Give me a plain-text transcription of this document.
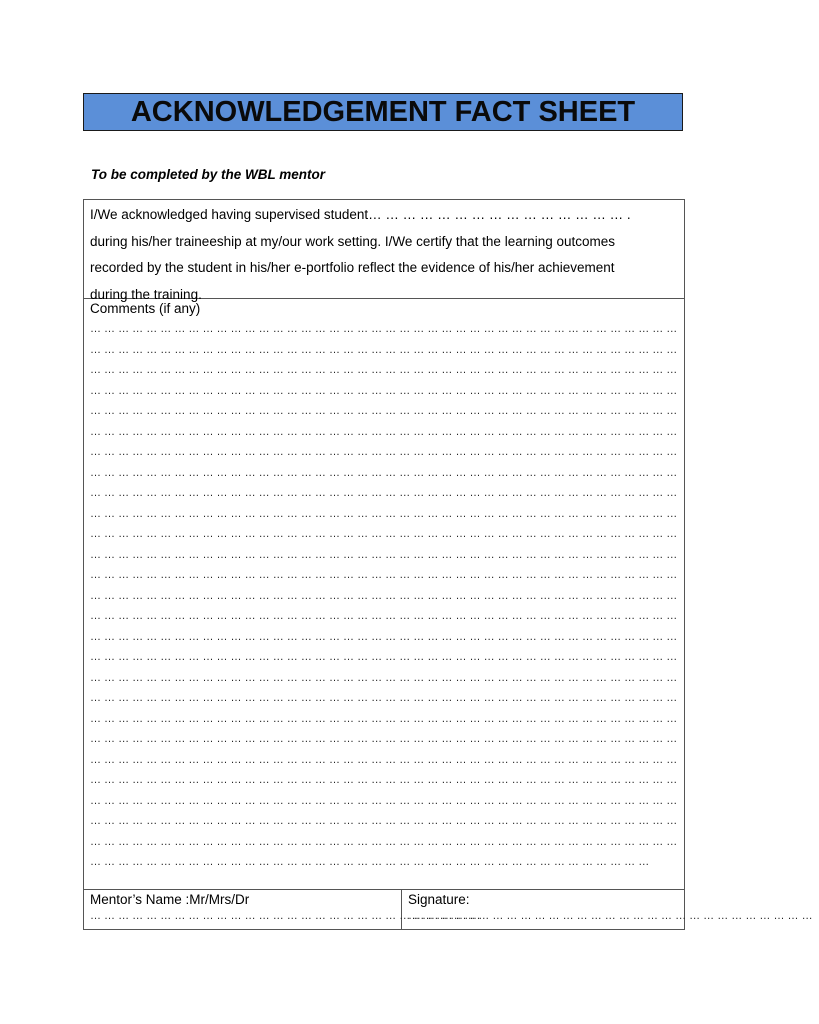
ACKNOWLEDGEMENT FACT SHEET
To be completed by the WBL mentor
I/We acknowledged having supervised student… … … … … … … … … … … … … … … .
during his/her traineeship at my/our work setting. I/We certify that the learning outcomes
recorded by the student in his/her e-portfolio reflect the evidence of his/her achievement
during the training.
Comments (if any)
… … … … … … … … … … … … … … … … … … … … … … … … … … … … … … … … … … … … … … … … … …
… … … … … … … … … … … … … … … … … … … … … … … … … … … … … … … … … … … … … … … … … …
… … … … … … … … … … … … … … … … … … … … … … … … … … … … … … … … … … … … … … … … … …
… … … … … … … … … … … … … … … … … … … … … … … … … … … … … … … … … … … … … … … … … …
… … … … … … … … … … … … … … … … … … … … … … … … … … … … … … … … … … … … … … … … … …
… … … … … … … … … … … … … … … … … … … … … … … … … … … … … … … … … … … … … … … … … …
… … … … … … … … … … … … … … … … … … … … … … … … … … … … … … … … … … … … … … … … … …
… … … … … … … … … … … … … … … … … … … … … … … … … … … … … … … … … … … … … … … … … …
… … … … … … … … … … … … … … … … … … … … … … … … … … … … … … … … … … … … … … … … … …
… … … … … … … … … … … … … … … … … … … … … … … … … … … … … … … … … … … … … … … … … …
… … … … … … … … … … … … … … … … … … … … … … … … … … … … … … … … … … … … … … … … … …
… … … … … … … … … … … … … … … … … … … … … … … … … … … … … … … … … … … … … … … … … …
… … … … … … … … … … … … … … … … … … … … … … … … … … … … … … … … … … … … … … … … … …
… … … … … … … … … … … … … … … … … … … … … … … … … … … … … … … … … … … … … … … … … …
… … … … … … … … … … … … … … … … … … … … … … … … … … … … … … … … … … … … … … … … … …
… … … … … … … … … … … … … … … … … … … … … … … … … … … … … … … … … … … … … … … … … …
… … … … … … … … … … … … … … … … … … … … … … … … … … … … … … … … … … … … … … … … … …
… … … … … … … … … … … … … … … … … … … … … … … … … … … … … … … … … … … … … … … … … …
… … … … … … … … … … … … … … … … … … … … … … … … … … … … … … … … … … … … … … … … … …
… … … … … … … … … … … … … … … … … … … … … … … … … … … … … … … … … … … … … … … … … …
… … … … … … … … … … … … … … … … … … … … … … … … … … … … … … … … … … … … … … … … … …
… … … … … … … … … … … … … … … … … … … … … … … … … … … … … … … … … … … … … … … … … …
… … … … … … … … … … … … … … … … … … … … … … … … … … … … … … … … … … … … … … … … … …
… … … … … … … … … … … … … … … … … … … … … … … … … … … … … … … … … … … … … … … … … …
… … … … … … … … … … … … … … … … … … … … … … … … … … … … … … … … … … … … … … … … … …
… … … … … … … … … … … … … … … … … … … … … … … … … … … … … … … … … … … … … … … … … …
… … … … … … … … … … … … … … … … … … … … … … … … … … … … … … … … … … … … … … … …
Mentor’s Name :Mr/Mrs/Dr
… … … … … … … … … … … … … … … … … … … … … … … … … … … …
Signature:
… … … … … … … … … … … … … … … … … … … … … … … … … … … … …
